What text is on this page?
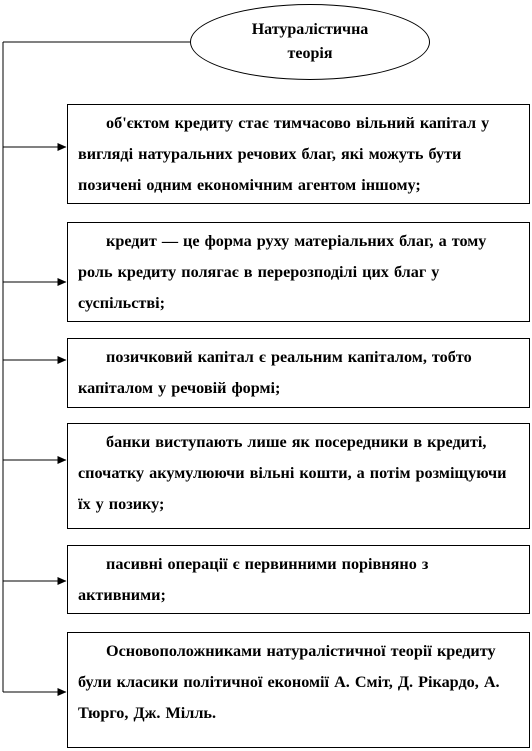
Натуралістична теорія
об'єктом кредиту стає тимчасово вільний капітал у вигляді натуральних речових благ, які можуть бути позичені одним економічним агентом іншому;
кредит — це форма руху матеріальних благ, а тому роль кредиту полягає в перерозподілі цих благ у суспільстві;
позичковий капітал є реальним капіталом, тобто капіталом у речовій формі;
банки виступають лише як посередники в кредиті, спочатку акумулюючи вільні кошти, а потім розміщуючи їх у позику;
пасивні операції є первинними порівняно з активними;
Основоположниками натуралістичної теорії кредиту були класики політичної економії А. Сміт, Д. Рікардо, А. Тюрго, Дж. Мілль.
